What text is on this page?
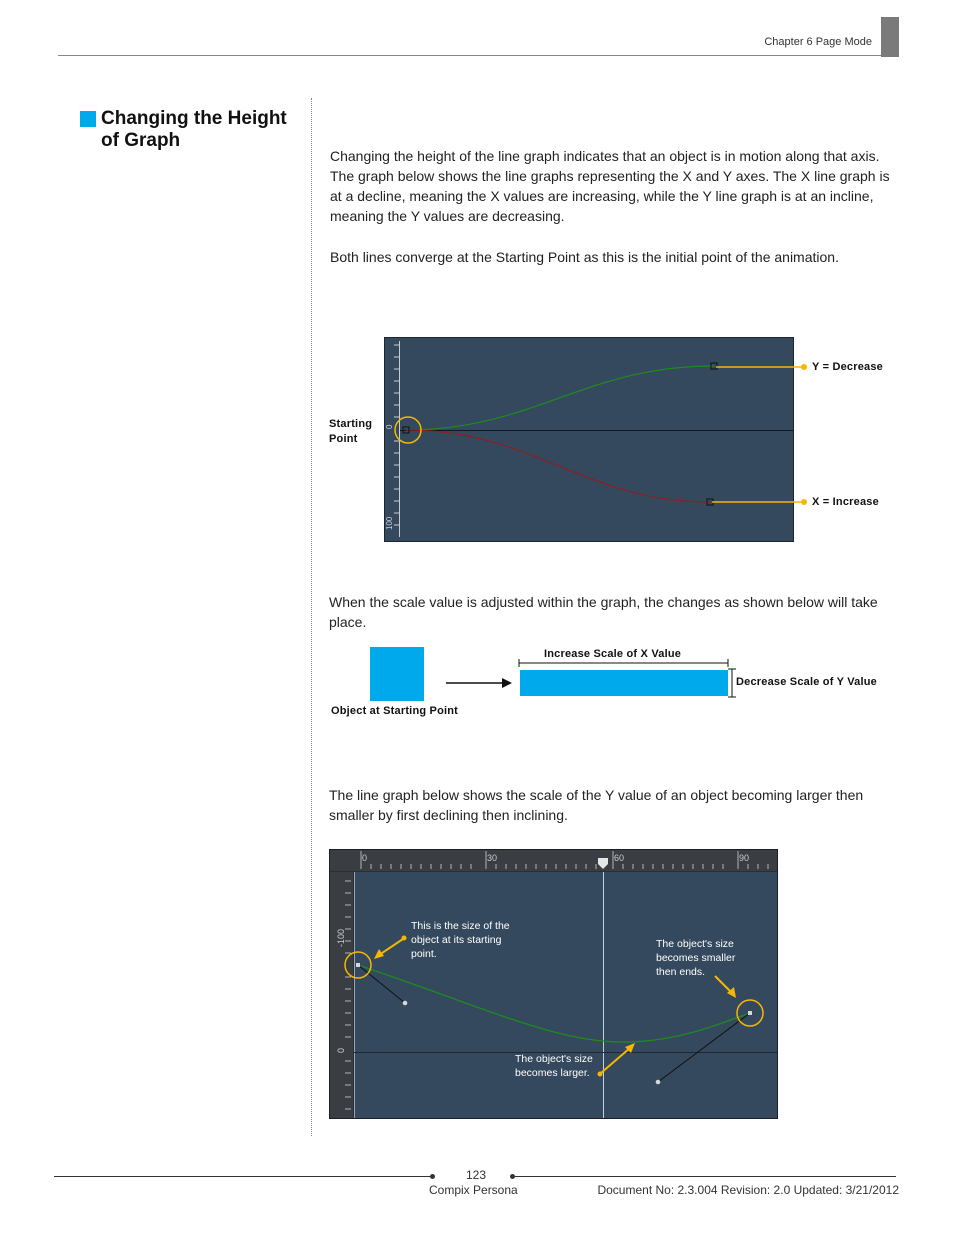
Chapter 6 Page Mode
Changing the Height of Graph
Changing the height of the line graph indicates that an object is in motion along that axis. The graph below shows the line graphs representing the X and Y axes. The X line graph is at a decline, meaning the X values are increasing, while the Y line graph is at an incline, meaning the Y values are decreasing.
Both lines converge at the Starting Point as this is the initial point of the animation.
Starting
Point
0
100
Y = Decrease
X = Increase
When the scale value is adjusted within the graph, the changes as shown below will take place.
Object at Starting Point
Increase Scale of X Value
Decrease Scale of Y Value
The line graph below shows the scale of the Y value of an object becoming larger then smaller by first declining then inclining.
0	30	60	90
-100
0
This is the size of the object at its starting point.
The object's size becomes smaller then ends.
The object's size becomes larger.
123
Compix Persona	Document No: 2.3.004 Revision: 2.0 Updated: 3/21/2012
